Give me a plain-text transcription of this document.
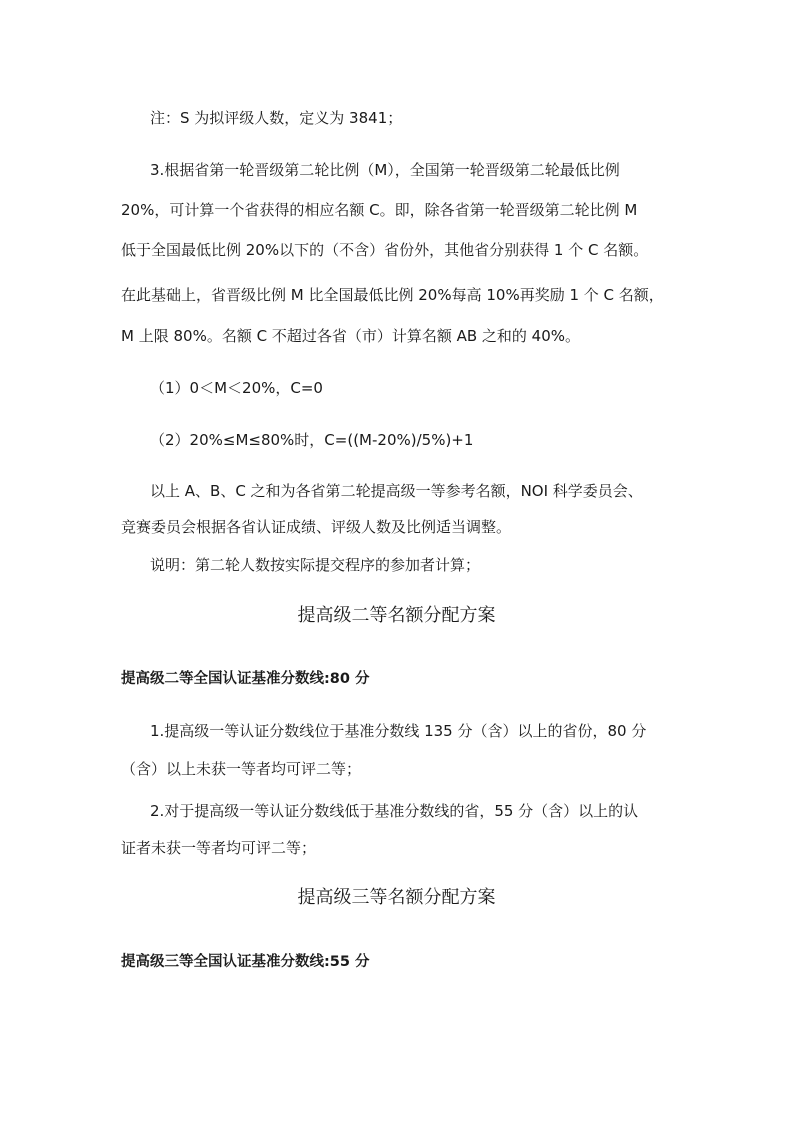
注：S 为拟评级人数，定义为 3841；
3.根据省第一轮晋级第二轮比例（M），全国第一轮晋级第二轮最低比例
20%，可计算一个省获得的相应名额 C。即，除各省第一轮晋级第二轮比例 M
低于全国最低比例 20%以下的（不含）省份外，其他省分别获得 1 个 C 名额。
在此基础上，省晋级比例 M 比全国最低比例 20%每高 10%再奖励 1 个 C 名额，
M 上限 80%。名额 C 不超过各省（市）计算名额 AB 之和的 40%。
（1）0＜M＜20%，C=0
（2）20%≤M≤80%时，C=((M-20%)/5%)+1
以上 A、B、C 之和为各省第二轮提高级一等参考名额，NOI 科学委员会、
竞赛委员会根据各省认证成绩、评级人数及比例适当调整。
说明：第二轮人数按实际提交程序的参加者计算；
提高级二等名额分配方案
提高级二等全国认证基准分数线:80 分
1.提高级一等认证分数线位于基准分数线 135 分（含）以上的省份，80 分
（含）以上未获一等者均可评二等；
2.对于提高级一等认证分数线低于基准分数线的省，55 分（含）以上的认
证者未获一等者均可评二等；
提高级三等名额分配方案
提高级三等全国认证基准分数线:55 分
